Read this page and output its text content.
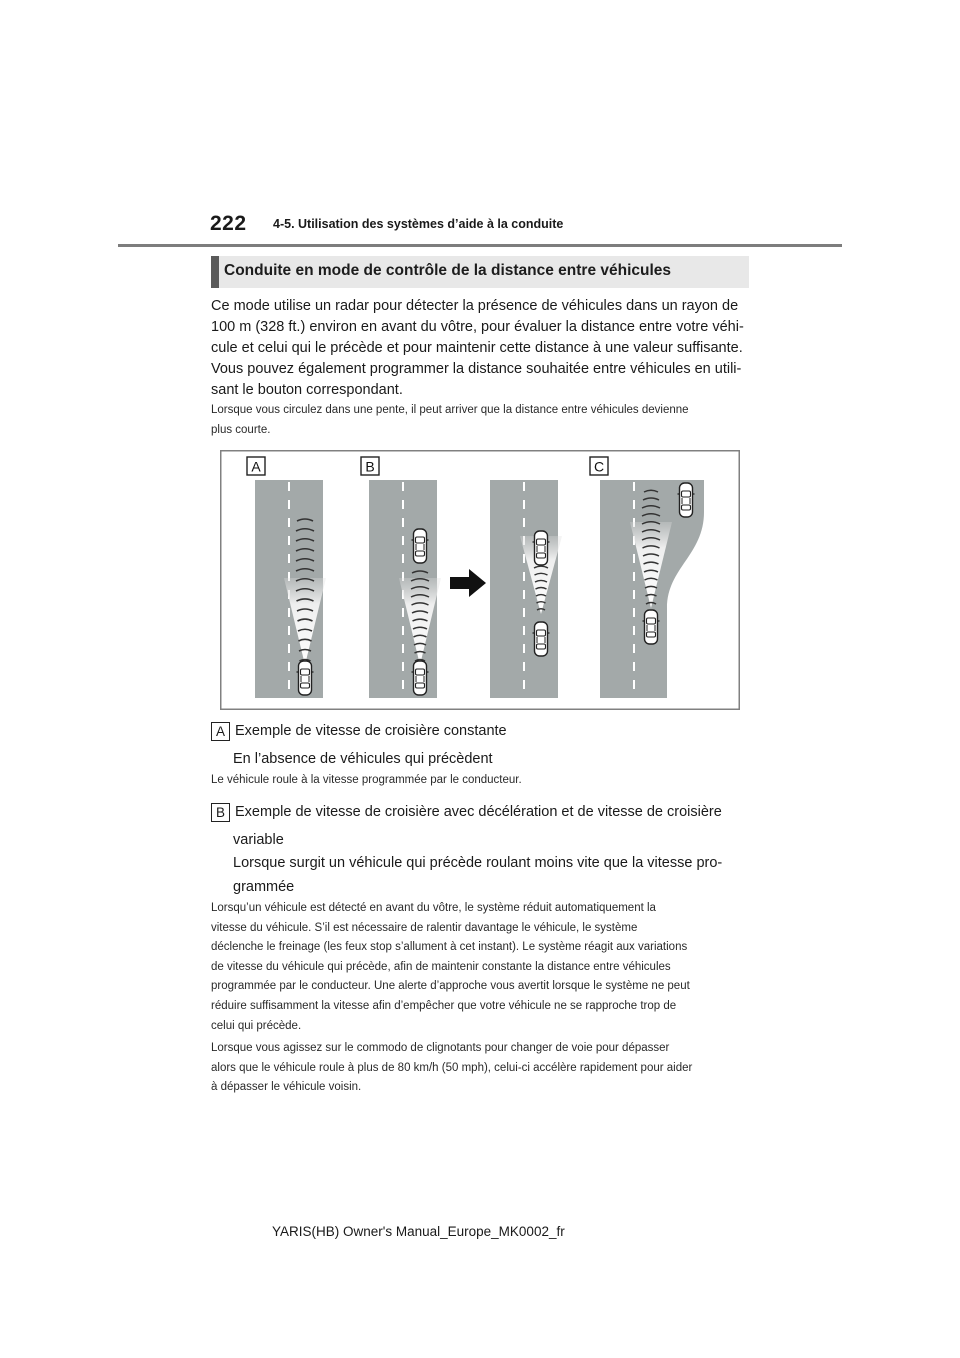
222 4-5. Utilisation des systèmes d’aide à la conduite
Conduite en mode de contrôle de la distance entre véhicules
Ce mode utilise un radar pour détecter la présence de véhicules dans un rayon de
100 m (328 ft.) environ en avant du vôtre, pour évaluer la distance entre votre véhi-
cule et celui qui le précède et pour maintenir cette distance à une valeur suffisante.
Vous pouvez également programmer la distance souhaitée entre véhicules en utili-
sant le bouton correspondant.
Lorsque vous circulez dans une pente, il peut arriver que la distance entre véhicules devienne
plus courte.
A	B	C
A Exemple de vitesse de croisière constante
En l’absence de véhicules qui précèdent
Le véhicule roule à la vitesse programmée par le conducteur.
B Exemple de vitesse de croisière avec décélération et de vitesse de croisière
variable
Lorsque surgit un véhicule qui précède roulant moins vite que la vitesse pro-
grammée
Lorsqu’un véhicule est détecté en avant du vôtre, le système réduit automatiquement la
vitesse du véhicule. S’il est nécessaire de ralentir davantage le véhicule, le système
déclenche le freinage (les feux stop s’allument à cet instant). Le système réagit aux variations
de vitesse du véhicule qui précède, afin de maintenir constante la distance entre véhicules
programmée par le conducteur. Une alerte d’approche vous avertit lorsque le système ne peut
réduire suffisamment la vitesse afin d’empêcher que votre véhicule ne se rapproche trop de
celui qui précède.
Lorsque vous agissez sur le commodo de clignotants pour changer de voie pour dépasser
alors que le véhicule roule à plus de 80 km/h (50 mph), celui-ci accélère rapidement pour aider
à dépasser le véhicule voisin.
YARIS(HB) Owner's Manual_Europe_MK0002_fr
